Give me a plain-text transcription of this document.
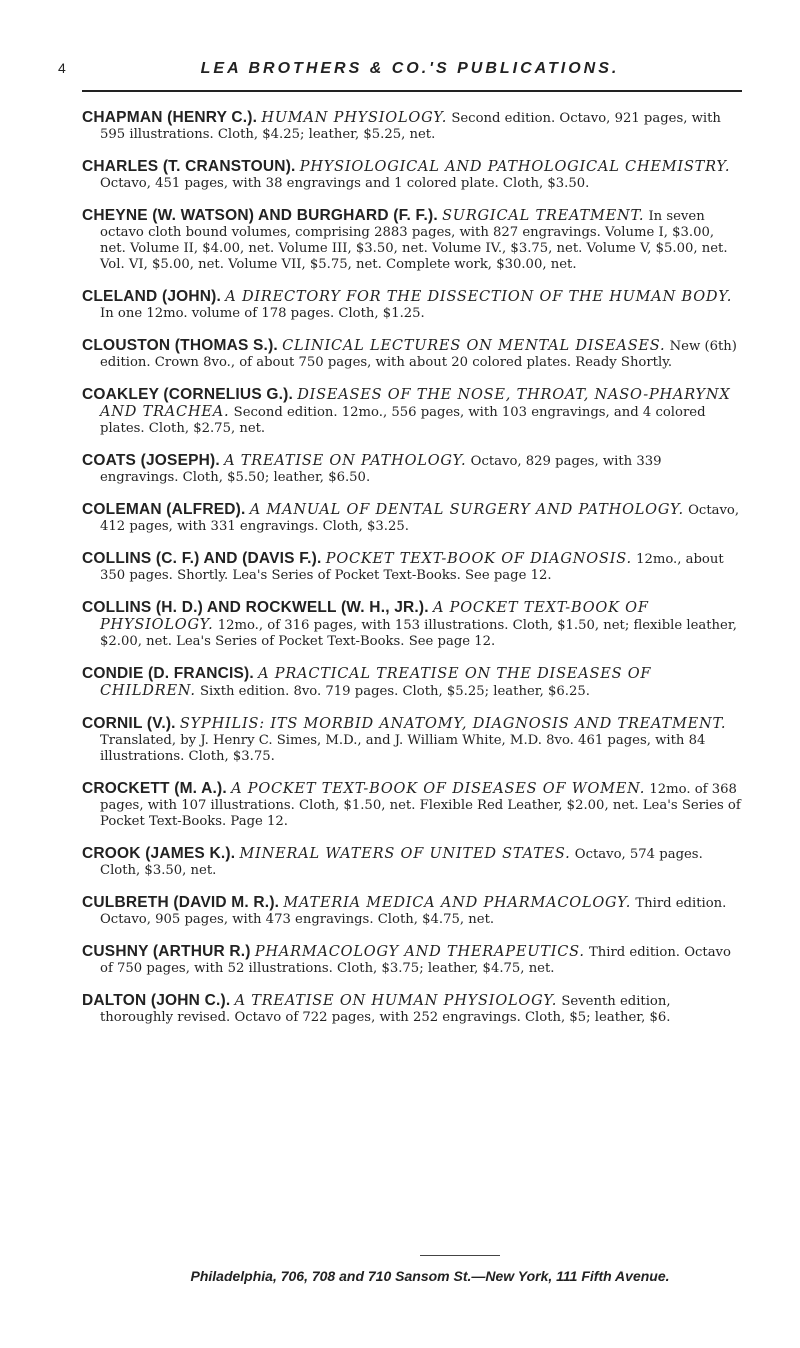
4	LEA BROTHERS & CO.'S PUBLICATIONS.
CHAPMAN (HENRY C.). HUMAN PHYSIOLOGY. Second edition. Octavo, 921 pages, with 595 illustrations. Cloth, $4.25; leather, $5.25, net.
CHARLES (T. CRANSTOUN). PHYSIOLOGICAL AND PATHOLOGICAL CHEMISTRY. Octavo, 451 pages, with 38 engravings and 1 colored plate. Cloth, $3.50.
CHEYNE (W. WATSON) AND BURGHARD (F. F.). SURGICAL TREATMENT. In seven octavo cloth bound volumes, comprising 2883 pages, with 827 engravings. Volume I, $3.00, net. Volume II, $4.00, net. Volume III, $3.50, net. Volume IV., $3.75, net. Volume V, $5.00, net. Vol. VI, $5.00, net. Volume VII, $5.75, net. Complete work, $30.00, net.
CLELAND (JOHN). A DIRECTORY FOR THE DISSECTION OF THE HUMAN BODY. In one 12mo. volume of 178 pages. Cloth, $1.25.
CLOUSTON (THOMAS S.). CLINICAL LECTURES ON MENTAL DISEASES. New (6th) edition. Crown 8vo., of about 750 pages, with about 20 colored plates. Ready Shortly.
COAKLEY (CORNELIUS G.). DISEASES OF THE NOSE, THROAT, NASO-PHARYNX AND TRACHEA. Second edition. 12mo., 556 pages, with 103 engravings, and 4 colored plates. Cloth, $2.75, net.
COATS (JOSEPH). A TREATISE ON PATHOLOGY. Octavo, 829 pages, with 339 engravings. Cloth, $5.50; leather, $6.50.
COLEMAN (ALFRED). A MANUAL OF DENTAL SURGERY AND PATHOLOGY. Octavo, 412 pages, with 331 engravings. Cloth, $3.25.
COLLINS (C. F.) AND (DAVIS F.). POCKET TEXT-BOOK OF DIAGNOSIS. 12mo., about 350 pages. Shortly. Lea's Series of Pocket Text-Books. See page 12.
COLLINS (H. D.) AND ROCKWELL (W. H., JR.). A POCKET TEXT-BOOK OF PHYSIOLOGY. 12mo., of 316 pages, with 153 illustrations. Cloth, $1.50, net; flexible leather, $2.00, net. Lea's Series of Pocket Text-Books. See page 12.
CONDIE (D. FRANCIS). A PRACTICAL TREATISE ON THE DISEASES OF CHILDREN. Sixth edition. 8vo. 719 pages. Cloth, $5.25; leather, $6.25.
CORNIL (V.). SYPHILIS: ITS MORBID ANATOMY, DIAGNOSIS AND TREATMENT. Translated, by J. Henry C. Simes, M.D., and J. William White, M.D. 8vo. 461 pages, with 84 illustrations. Cloth, $3.75.
CROCKETT (M. A.). A POCKET TEXT-BOOK OF DISEASES OF WOMEN. 12mo. of 368 pages, with 107 illustrations. Cloth, $1.50, net. Flexible Red Leather, $2.00, net. Lea's Series of Pocket Text-Books. Page 12.
CROOK (JAMES K.). MINERAL WATERS OF UNITED STATES. Octavo, 574 pages. Cloth, $3.50, net.
CULBRETH (DAVID M. R.). MATERIA MEDICA AND PHARMACOLOGY. Third edition. Octavo, 905 pages, with 473 engravings. Cloth, $4.75, net.
CUSHNY (ARTHUR R.) PHARMACOLOGY AND THERAPEUTICS. Third edition. Octavo of 750 pages, with 52 illustrations. Cloth, $3.75; leather, $4.75, net.
DALTON (JOHN C.). A TREATISE ON HUMAN PHYSIOLOGY. Seventh edition, thoroughly revised. Octavo of 722 pages, with 252 engravings. Cloth, $5; leather, $6.
Philadelphia, 706, 708 and 710 Sansom St.—New York, 111 Fifth Avenue.
